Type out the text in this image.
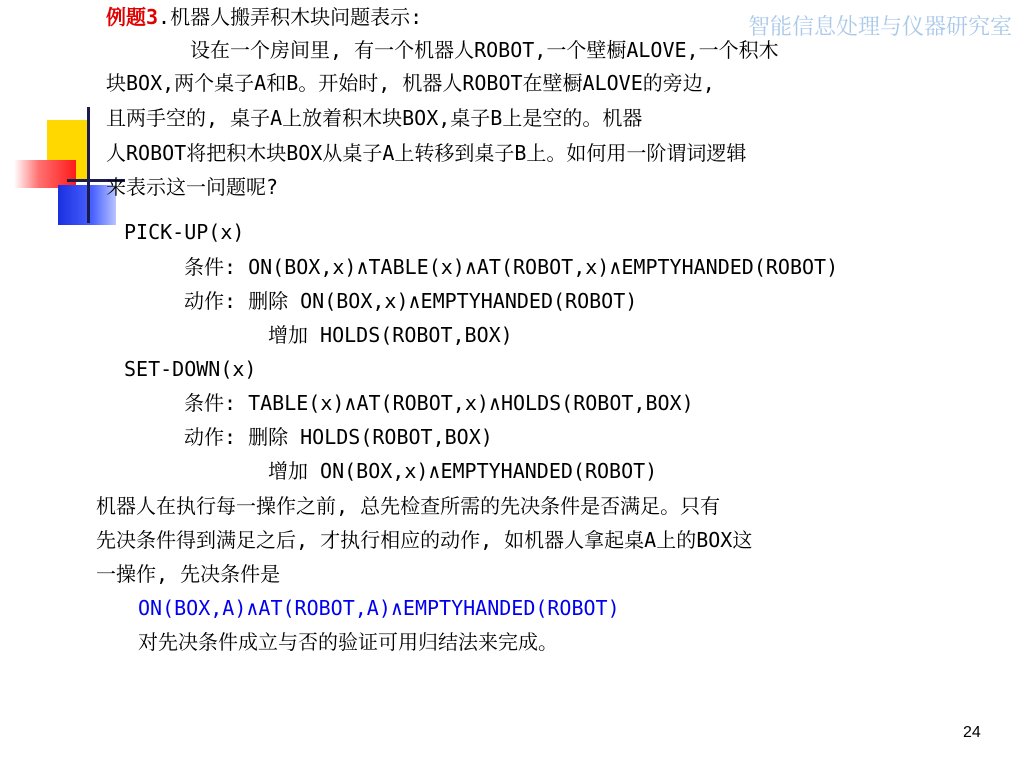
智能信息处理与仪器研究室
例题3.机器人搬弄积木块问题表示:
设在一个房间里, 有一个机器人ROBOT,一个壁橱ALOVE,一个积木
块BOX,两个桌子A和B。开始时, 机器人ROBOT在壁橱ALOVE的旁边,
且两手空的, 桌子A上放着积木块BOX,桌子B上是空的。机器
人ROBOT将把积木块BOX从桌子A上转移到桌子B上。如何用一阶谓词逻辑
来表示这一问题呢?
PICK-UP(x)
条件: ON(BOX,x)∧TABLE(x)∧AT(ROBOT,x)∧EMPTYHANDED(ROBOT)
动作: 删除 ON(BOX,x)∧EMPTYHANDED(ROBOT)
增加 HOLDS(ROBOT,BOX)
SET-DOWN(x)
条件: TABLE(x)∧AT(ROBOT,x)∧HOLDS(ROBOT,BOX)
动作: 删除 HOLDS(ROBOT,BOX)
增加 ON(BOX,x)∧EMPTYHANDED(ROBOT)
机器人在执行每一操作之前, 总先检查所需的先决条件是否满足。只有
先决条件得到满足之后, 才执行相应的动作, 如机器人拿起桌A上的BOX这
一操作, 先决条件是
ON(BOX,A)∧AT(ROBOT,A)∧EMPTYHANDED(ROBOT)
对先决条件成立与否的验证可用归结法来完成。
24
